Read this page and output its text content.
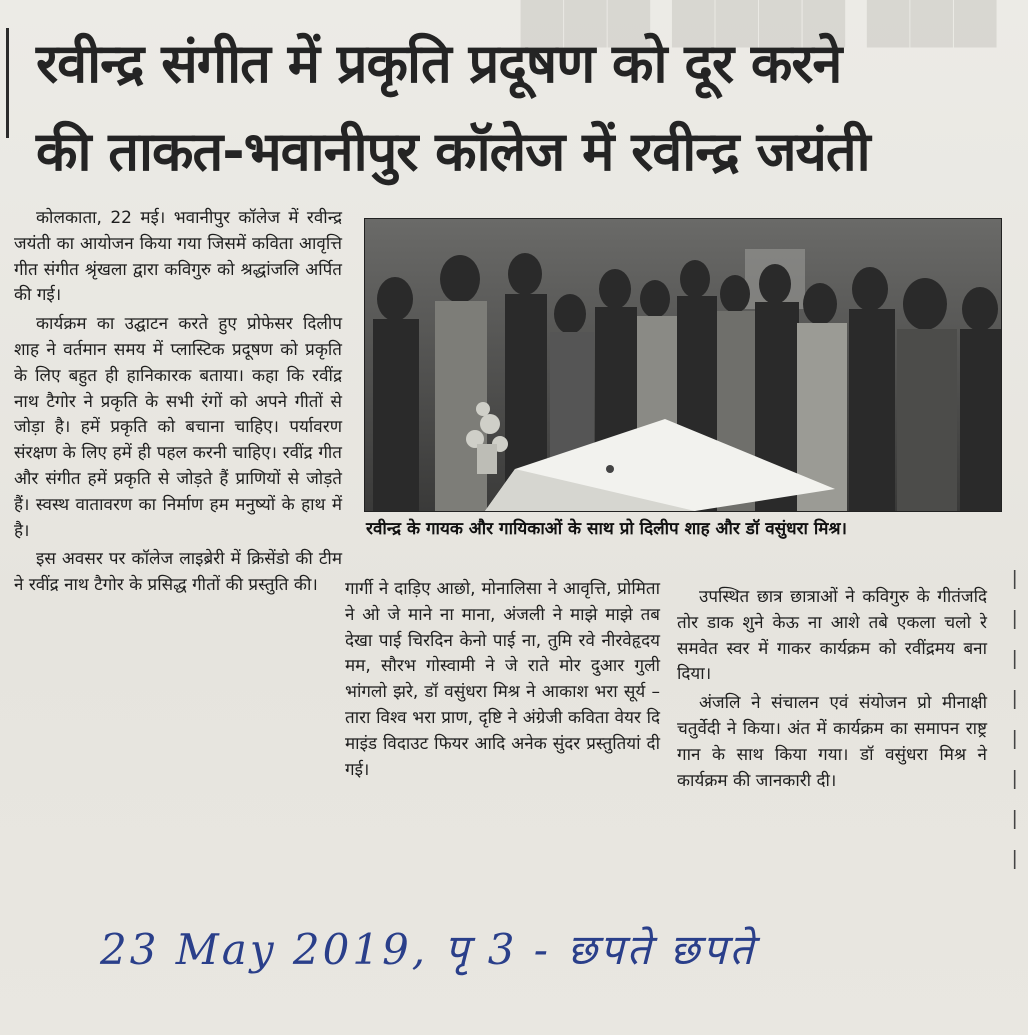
▆▆▆ ▆▆▆▆ ▆▆▆
रवीन्द्र संगीत में प्रकृति प्रदूषण को दूर करने
की ताकत-भवानीपुर कॉलेज में रवीन्द्र जयंती

कोलकाता, 22 मई। भवानीपुर कॉलेज में रवीन्द्र जयंती का आयोजन किया गया जिसमें कविता आवृत्ति गीत संगीत श्रृंखला द्वारा कविगुरु को श्रद्धांजलि अर्पित की गई।

कार्यक्रम का उद्घाटन करते हुए प्रोफेसर दिलीप शाह ने वर्तमान समय में प्लास्टिक प्रदूषण को प्रकृति के लिए बहुत ही हानिकारक बताया। कहा कि रवींद्र नाथ टैगोर ने प्रकृति के सभी रंगों को अपने गीतों से जोड़ा है। हमें प्रकृति को बचाना चाहिए। पर्यावरण संरक्षण के लिए हमें ही पहल करनी चाहिए। रवींद्र गीत और संगीत हमें प्रकृति से जोड़ते हैं प्राणियों से जोड़ते हैं। स्वस्थ वातावरण का निर्माण हम मनुष्यों के हाथ में है।

इस अवसर पर कॉलेज लाइब्रेरी में क्रिसेंडो की टीम ने रवींद्र नाथ टैगोर के प्रसिद्ध गीतों की प्रस्तुति की।

रवीन्द्र के गायक और गायिकाओं के साथ प्रो दिलीप शाह और डॉ वसुंधरा मिश्र।

गार्गी ने दाड़िए आछो, मोनालिसा ने आवृत्ति, प्रोमिता ने ओ जे माने ना माना, अंजली ने माझे माझे तब देखा पाई चिरदिन केनो पाई ना, तुमि रवे नीरवेहृदय मम, सौरभ गोस्वामी ने जे राते मोर दुआर गुली भांगलो झरे, डॉ वसुंधरा मिश्र ने आकाश भरा सूर्य – तारा विश्व भरा प्राण, दृष्टि ने अंग्रेजी कविता वेयर दि माइंड विदाउट फियर आदि अनेक सुंदर प्रस्तुतियां दी गई।

उपस्थित छात्र छात्राओं ने कविगुरु के गीतंजदि तोर डाक शुने केऊ ना आशे तबे एकला चलो रे समवेत स्वर में गाकर कार्यक्रम को रवींद्रमय बना दिया।

अंजलि ने संचालन एवं संयोजन प्रो मीनाक्षी चतुर्वेदी ने किया। अंत में कार्यक्रम का समापन राष्ट्र गान के साथ किया गया। डॉ वसुंधरा मिश्र ने कार्यक्रम की जानकारी दी।

▏
▏
▏
▏
▏
▏
▏
▏
23 May 2019, पृ 3 - छपते छपते
